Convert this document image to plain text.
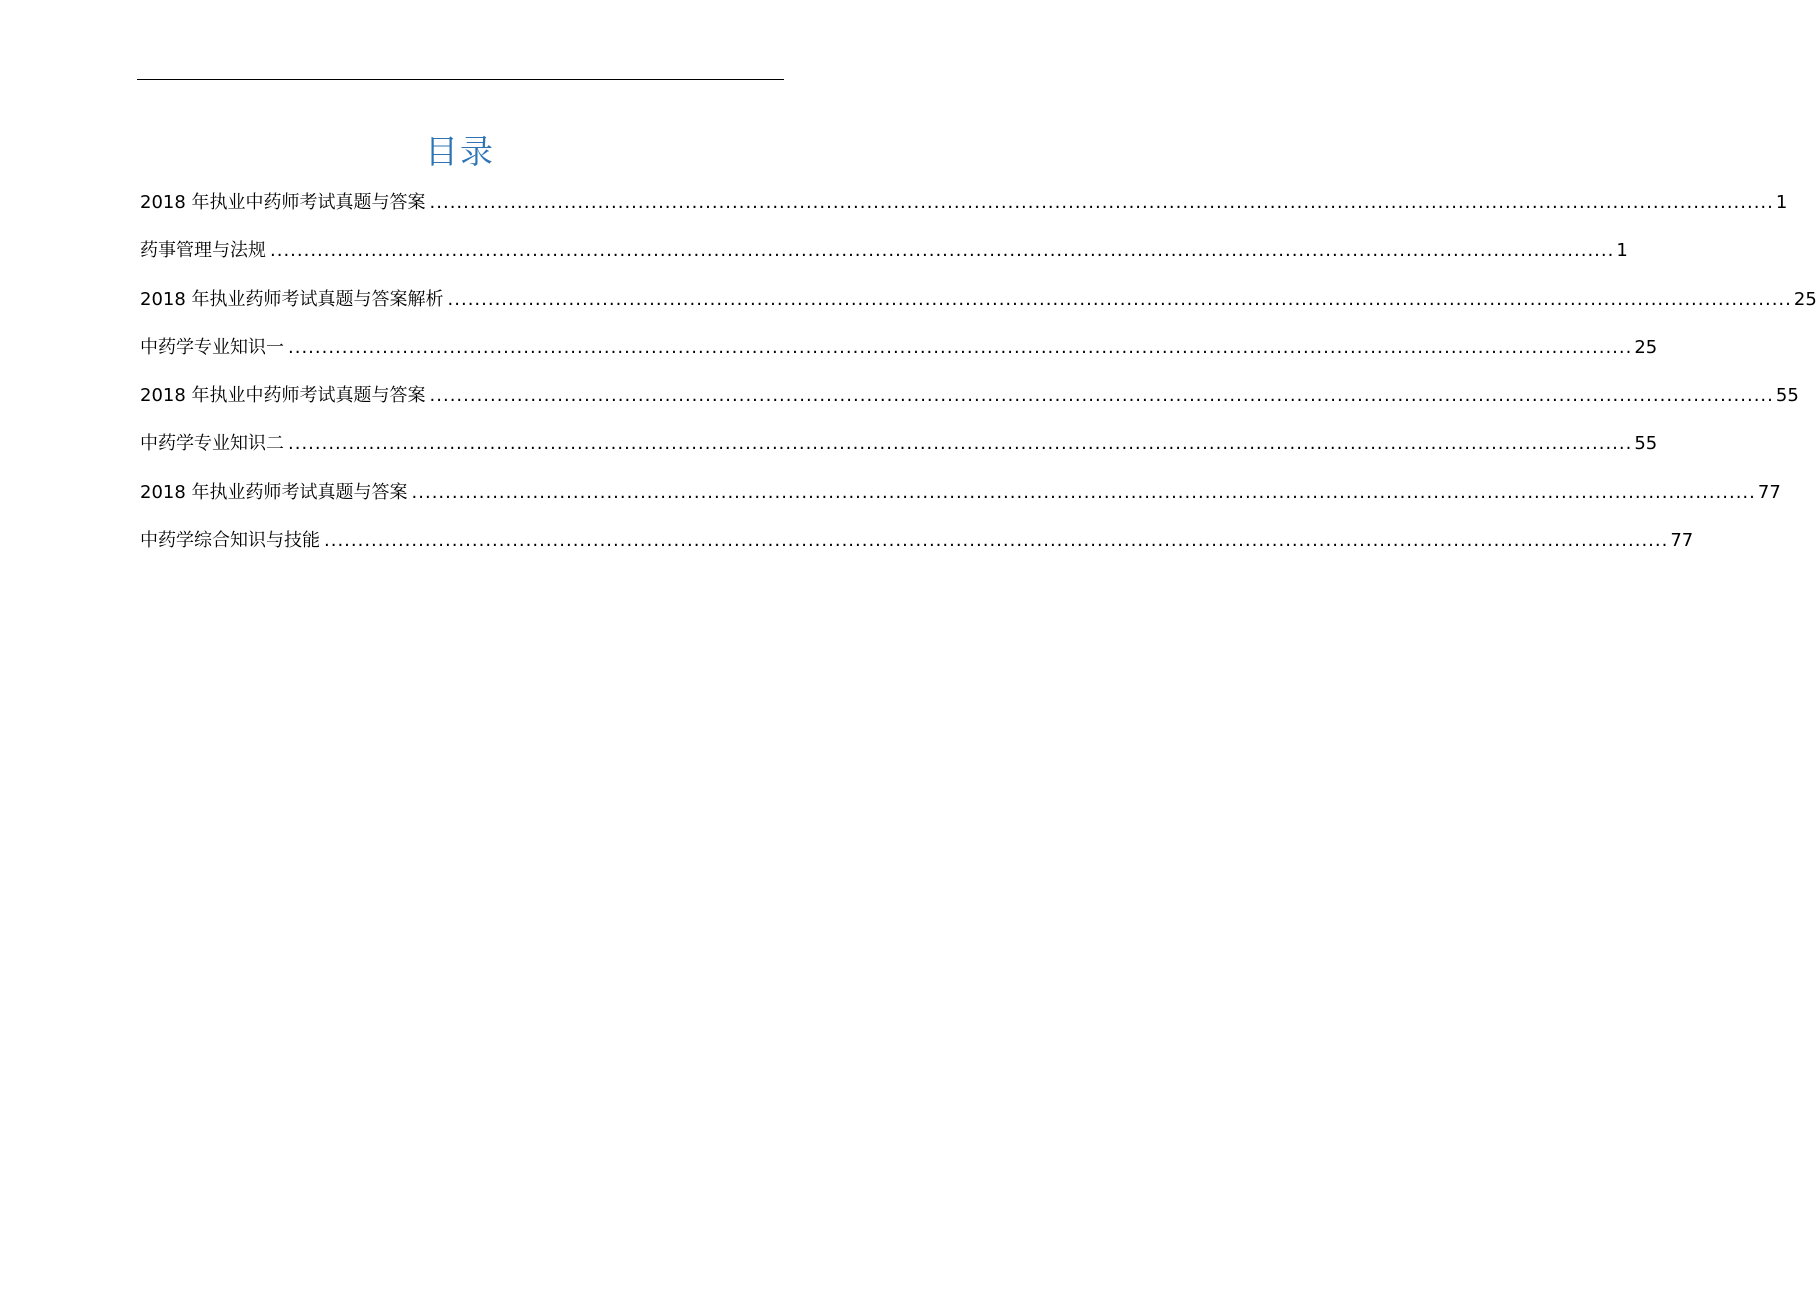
目录
2018 年执业中药师考试真题与答案 ........................................................................................................................................................................................................ 1
药事管理与法规 ........................................................................................................................................................................................................ 1
2018 年执业药师考试真题与答案解析 ........................................................................................................................................................................................................ 25
中药学专业知识一 ........................................................................................................................................................................................................ 25
2018 年执业中药师考试真题与答案 ........................................................................................................................................................................................................ 55
中药学专业知识二 ........................................................................................................................................................................................................ 55
2018 年执业药师考试真题与答案 ........................................................................................................................................................................................................ 77
中药学综合知识与技能 ........................................................................................................................................................................................................ 77
